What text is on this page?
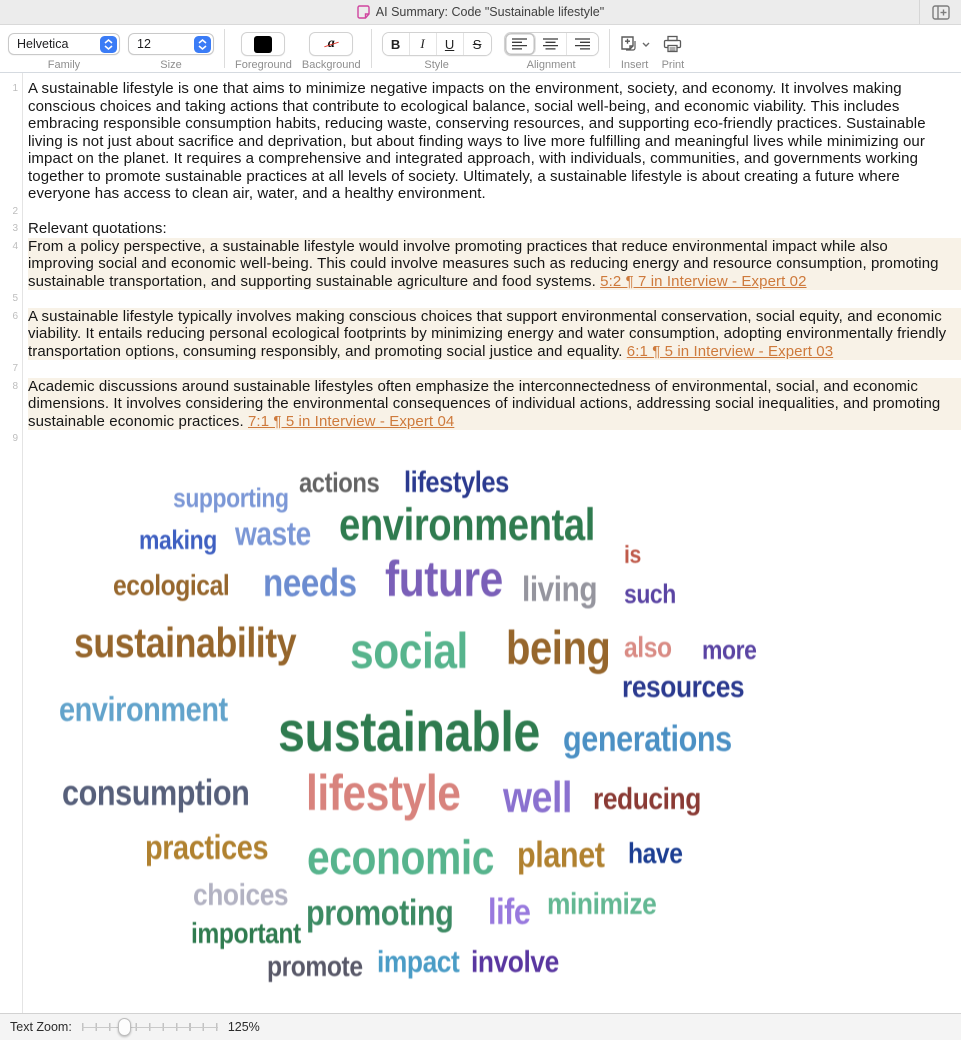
AI Summary: Code "Sustainable lifestyle"
Helvetica
Family
12
Size	Foreground
a
Background
B	I	U	S
Style	Alignment	Insert Print
1 A sustainable lifestyle is one that aims to minimize negative impacts on the environment, society, and economy. It involves making conscious choices and taking actions that contribute to ecological balance, social well-being, and economic viability. This includes embracing responsible consumption habits, reducing waste, conserving resources, and supporting eco-friendly practices. Sustainable living is not just about sacrifice and deprivation, but about finding ways to live more fulfilling and meaningful lives while minimizing our impact on the planet. It requires a comprehensive and integrated approach, with individuals, communities, and governments working together to promote sustainable practices at all levels of society. Ultimately, a sustainable lifestyle is about creating a future where everyone has access to clean air, water, and a healthy environment.
2
3 Relevant quotations:
4 From a policy perspective, a sustainable lifestyle would involve promoting practices that reduce environmental impact while also improving social and economic well-being. This could involve measures such as reducing energy and resource consumption, promoting sustainable transportation, and supporting sustainable agriculture and food systems. 5:2 ¶ 7 in Interview - Expert 02
5
6 A sustainable lifestyle typically involves making conscious choices that support environmental conservation, social equity, and economic viability. It entails reducing personal ecological footprints by minimizing energy and water consumption, adopting environmentally friendly transportation options, consuming responsibly, and promoting social justice and equality. 6:1 ¶ 5 in Interview - Expert 03
7
8 Academic discussions around sustainable lifestyles often emphasize the interconnectedness of environmental, social, and economic dimensions. It involves considering the environmental consequences of individual actions, addressing social inequalities, and promoting sustainable economic practices. 7:1 ¶ 5 in Interview - Expert 04
9
supporting actions lifestyles
making waste environmental
is
ecological needs future living such
sustainability social being also more
resources
environment sustainable generations
consumption lifestyle well reducing
practices economic planet have
choices promoting life minimize
important
promote impact involve
Text Zoom:	125%
